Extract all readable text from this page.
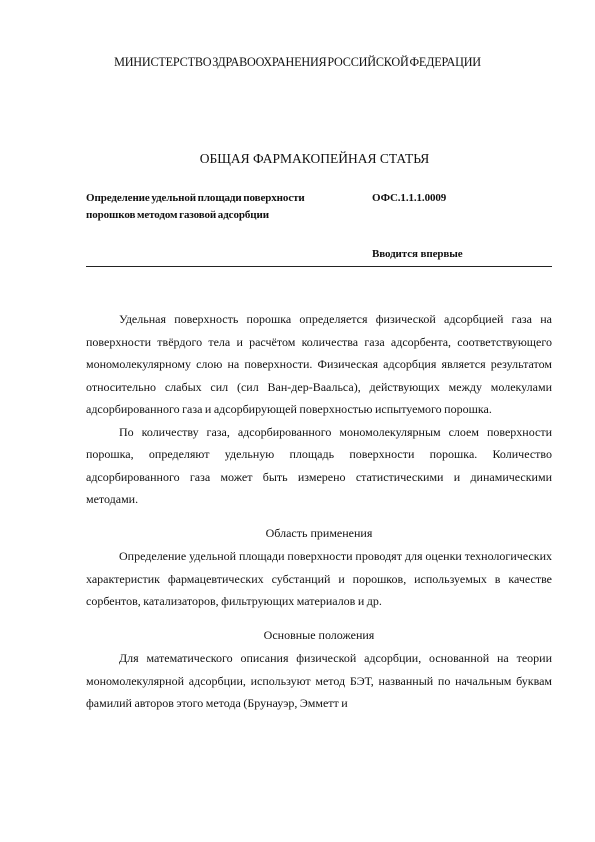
МИНИСТЕРСТВО ЗДРАВООХРАНЕНИЯ РОССИЙСКОЙ ФЕДЕРАЦИИ
ОБЩАЯ ФАРМАКОПЕЙНАЯ СТАТЬЯ
Определение удельной площади поверхности порошков методом газовой адсорбции
ОФС.1.1.1.0009
Вводится впервые

Удельная поверхность порошка определяется физической адсорбцией газа на поверхности твёрдого тела и расчётом количества газа адсорбента, соответствующего мономолекулярному слою на поверхности. Физическая адсорбция является результатом относительно слабых сил (сил Ван-дер-Ваальса), действующих между молекулами адсорбированного газа и адсорбирующей поверхностью испытуемого порошка.

По количеству газа, адсорбированного мономолекулярным слоем поверхности порошка, определяют удельную площадь поверхности порошка. Количество адсорбированного газа может быть измерено статистическими и динамическими методами.

Область применения

Определение удельной площади поверхности проводят для оценки технологических характеристик фармацевтических субстанций и порошков, используемых в качестве сорбентов, катализаторов, фильтрующих материалов и др.

Основные положения

Для математического описания физической адсорбции, основанной на теории мономолекулярной адсорбции, используют метод БЭТ, названный по начальным буквам фамилий авторов этого метода (Брунауэр, Эмметт и
